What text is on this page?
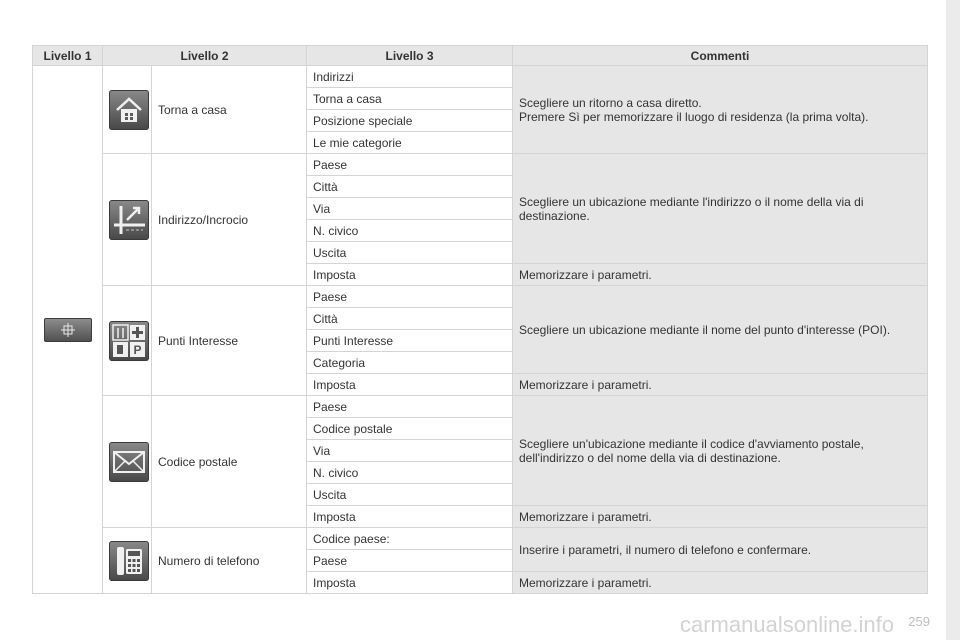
Livello 1	Livello 2		Livello 3	Commenti

	Torna a casa	Indirizzi	Scegliere un ritorno a casa diretto.
Premere Sì per memorizzare il luogo di residenza (la prima volta).

			Torna a casa	
			Posizione speciale	
			Le mie categorie	

	Indirizzo/Incrocio	Paese	Scegliere un ubicazione mediante l'indirizzo o il nome della via di destinazione.
			Città	
			Via	
			N. civico	
			Uscita	
			Imposta	Memorizzare i parametri.

P	Punti Interesse	Paese	Scegliere un ubicazione mediante il nome del punto d'interesse (POI).
			Città	
			Punti Interesse	
			Categoria	
			Imposta	Memorizzare i parametri.

	Codice postale	Paese	Scegliere un'ubicazione mediante il codice d'avviamento postale, dell'indirizzo o del nome della via di destinazione.
			Codice postale	
			Via	
			N. civico	
			Uscita	
			Imposta	Memorizzare i parametri.

	Numero di telefono	Codice paese:	Inserire i parametri, il numero di telefono e confermare.
			Paese	
			Imposta	Memorizzare i parametri.
carmanualsonline.info 259
